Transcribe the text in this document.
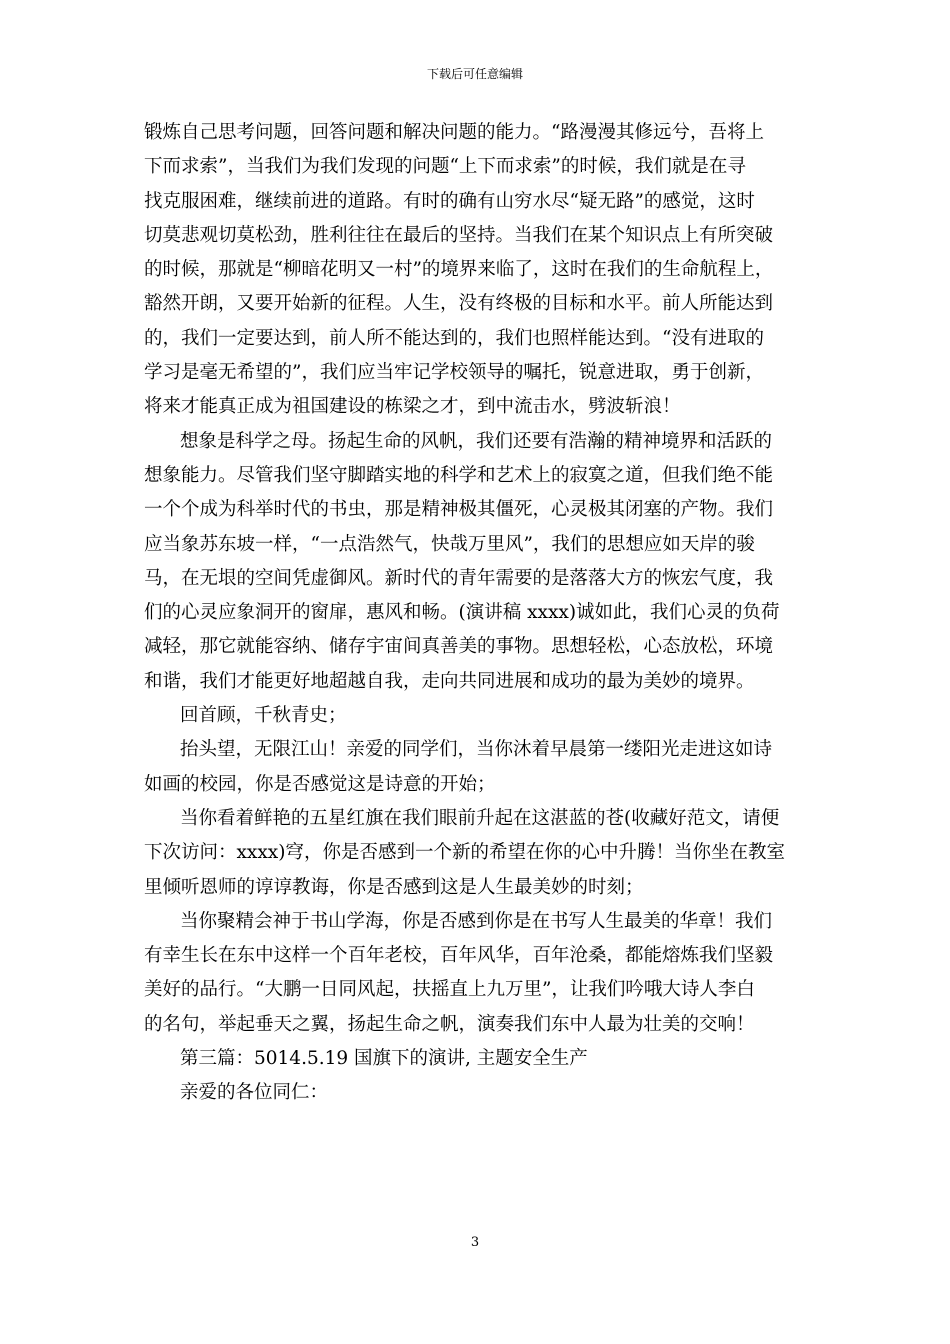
下载后可任意编辑
锻炼自己思考问题，回答问题和解决问题的能力。“路漫漫其修远兮，吾将上
下而求索”，当我们为我们发现的问题“上下而求索”的时候，我们就是在寻
找克服困难，继续前进的道路。有时的确有山穷水尽“疑无路”的感觉，这时
切莫悲观切莫松劲，胜利往往在最后的坚持。当我们在某个知识点上有所突破
的时候，那就是“柳暗花明又一村”的境界来临了，这时在我们的生命航程上，
豁然开朗，又要开始新的征程。人生，没有终极的目标和水平。前人所能达到
的，我们一定要达到，前人所不能达到的，我们也照样能达到。“没有进取的
学习是毫无希望的”，我们应当牢记学校领导的嘱托，锐意进取，勇于创新，
将来才能真正成为祖国建设的栋梁之才，到中流击水，劈波斩浪！
想象是科学之母。扬起生命的风帆，我们还要有浩瀚的精神境界和活跃的
想象能力。尽管我们坚守脚踏实地的科学和艺术上的寂寞之道，但我们绝不能
一个个成为科举时代的书虫，那是精神极其僵死，心灵极其闭塞的产物。我们
应当象苏东坡一样，“一点浩然气，快哉万里风”，我们的思想应如天岸的骏
马，在无垠的空间凭虚御风。新时代的青年需要的是落落大方的恢宏气度，我
们的心灵应象洞开的窗扉，惠风和畅。(演讲稿 xxxx)诚如此，我们心灵的负荷
减轻，那它就能容纳、储存宇宙间真善美的事物。思想轻松，心态放松，环境
和谐，我们才能更好地超越自我，走向共同进展和成功的最为美妙的境界。
回首顾，千秋青史；
抬头望，无限江山！亲爱的同学们，当你沐着早晨第一缕阳光走进这如诗
如画的校园，你是否感觉这是诗意的开始；
当你看着鲜艳的五星红旗在我们眼前升起在这湛蓝的苍(收藏好范文，请便
下次访问：xxxx)穹，你是否感到一个新的希望在你的心中升腾！当你坐在教室
里倾听恩师的谆谆教诲，你是否感到这是人生最美妙的时刻；
当你聚精会神于书山学海，你是否感到你是在书写人生最美的华章！我们
有幸生长在东中这样一个百年老校，百年风华，百年沧桑，都能熔炼我们坚毅
美好的品行。“大鹏一日同风起，扶摇直上九万里”，让我们吟哦大诗人李白
的名句，举起垂天之翼，扬起生命之帆，演奏我们东中人最为壮美的交响！
第三篇：5014.5.19 国旗下的演讲, 主题安全生产
亲爱的各位同仁：
3
